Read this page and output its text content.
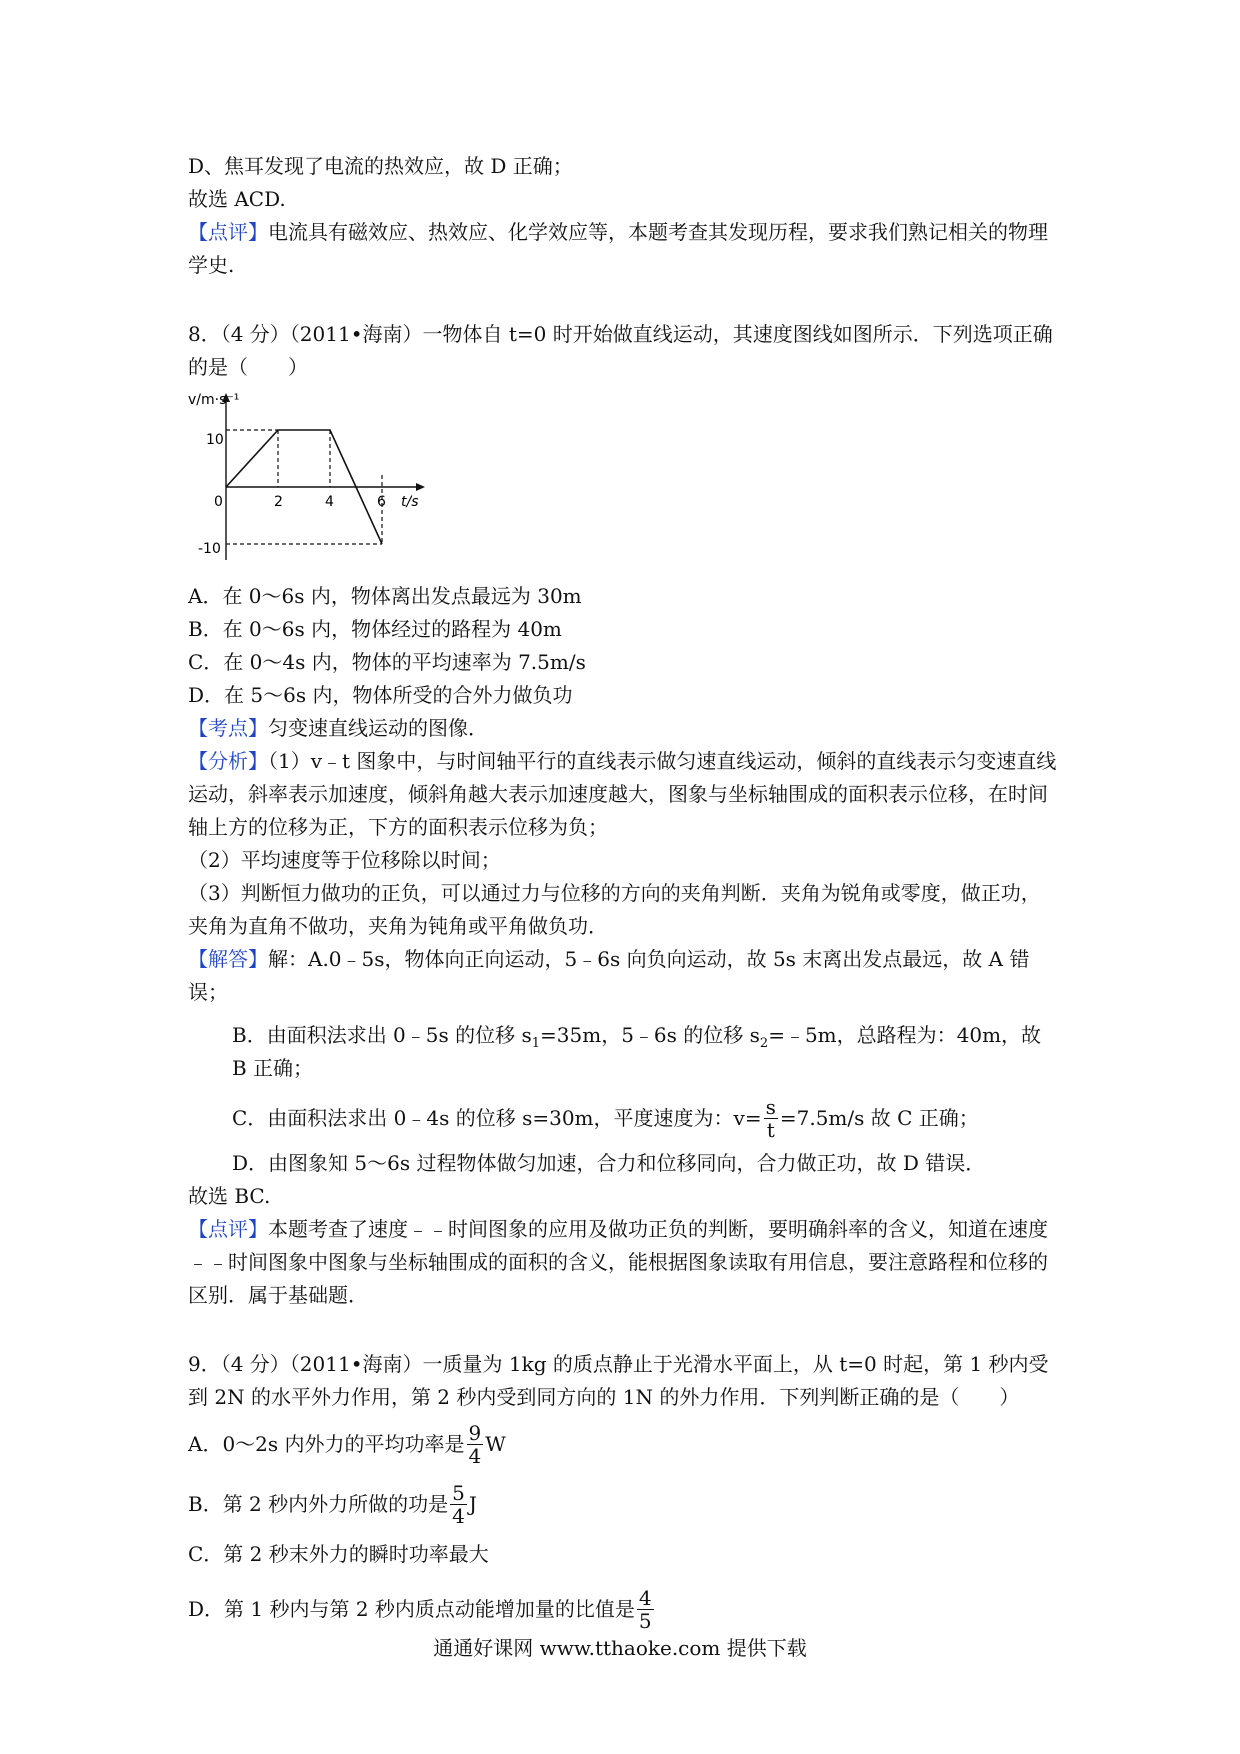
D、焦耳发现了电流的热效应，故 D 正确；
故选 ACD.
【点评】电流具有磁效应、热效应、化学效应等，本题考查其发现历程，要求我们熟记相关的物理学史.
8．（4 分）（2011•海南）一物体自 t=0 时开始做直线运动，其速度图线如图所示．下列选项正确的是（　　）
v/m·s⁻¹
t/s
10
-10
0	2	4	6
A．在 0～6s 内，物体离出发点最远为 30m
B．在 0～6s 内，物体经过的路程为 40m
C．在 0～4s 内，物体的平均速率为 7.5m/s
D．在 5～6s 内，物体所受的合外力做负功
【考点】匀变速直线运动的图像．
【分析】（1）v﹣t 图象中，与时间轴平行的直线表示做匀速直线运动，倾斜的直线表示匀变速直线运动，斜率表示加速度，倾斜角越大表示加速度越大，图象与坐标轴围成的面积表示位移，在时间轴上方的位移为正，下方的面积表示位移为负；
（2）平均速度等于位移除以时间；
（3）判断恒力做功的正负，可以通过力与位移的方向的夹角判断．夹角为锐角或零度，做正功，夹角为直角不做功，夹角为钝角或平角做负功．
【解答】解：A.0﹣5s，物体向正向运动，5﹣6s 向负向运动，故 5s 末离出发点最远，故 A 错误；
B．由面积法求出 0﹣5s 的位移 $s_1=35m$，5﹣6s 的位移 $s_2=﹣5m$，总路程为：40m，故 B 正确；
C．由面积法求出 0﹣4s 的位移 s=30m，平度速度为：$v= \frac{s}{t} =7.5m/s$ 故 C 正确；
D．由图象知 5～6s 过程物体做匀加速，合力和位移同向，合力做正功，故 D 错误．
故选 BC.
【点评】本题考查了速度﹣﹣时间图象的应用及做功正负的判断，要明确斜率的含义，知道在速度﹣﹣时间图象中图象与坐标轴围成的面积的含义，能根据图象读取有用信息，要注意路程和位移的区别．属于基础题．
9．（4 分）（2011•海南）一质量为 1kg 的质点静止于光滑水平面上，从 t=0 时起，第 1 秒内受到 2N 的水平外力作用，第 2 秒内受到同方向的 1N 的外力作用．下列判断正确的是（　　）
A．0～2s 内外力的平均功率是 $\frac{9}{4}$ W
B．第 2 秒内外力所做的功是 $\frac{5}{4}$ J
C．第 2 秒末外力的瞬时功率最大
D．第 1 秒内与第 2 秒内质点动能增加量的比值是 $\frac{4}{5}$
通通好课网 www.tthaoke.com 提供下载
